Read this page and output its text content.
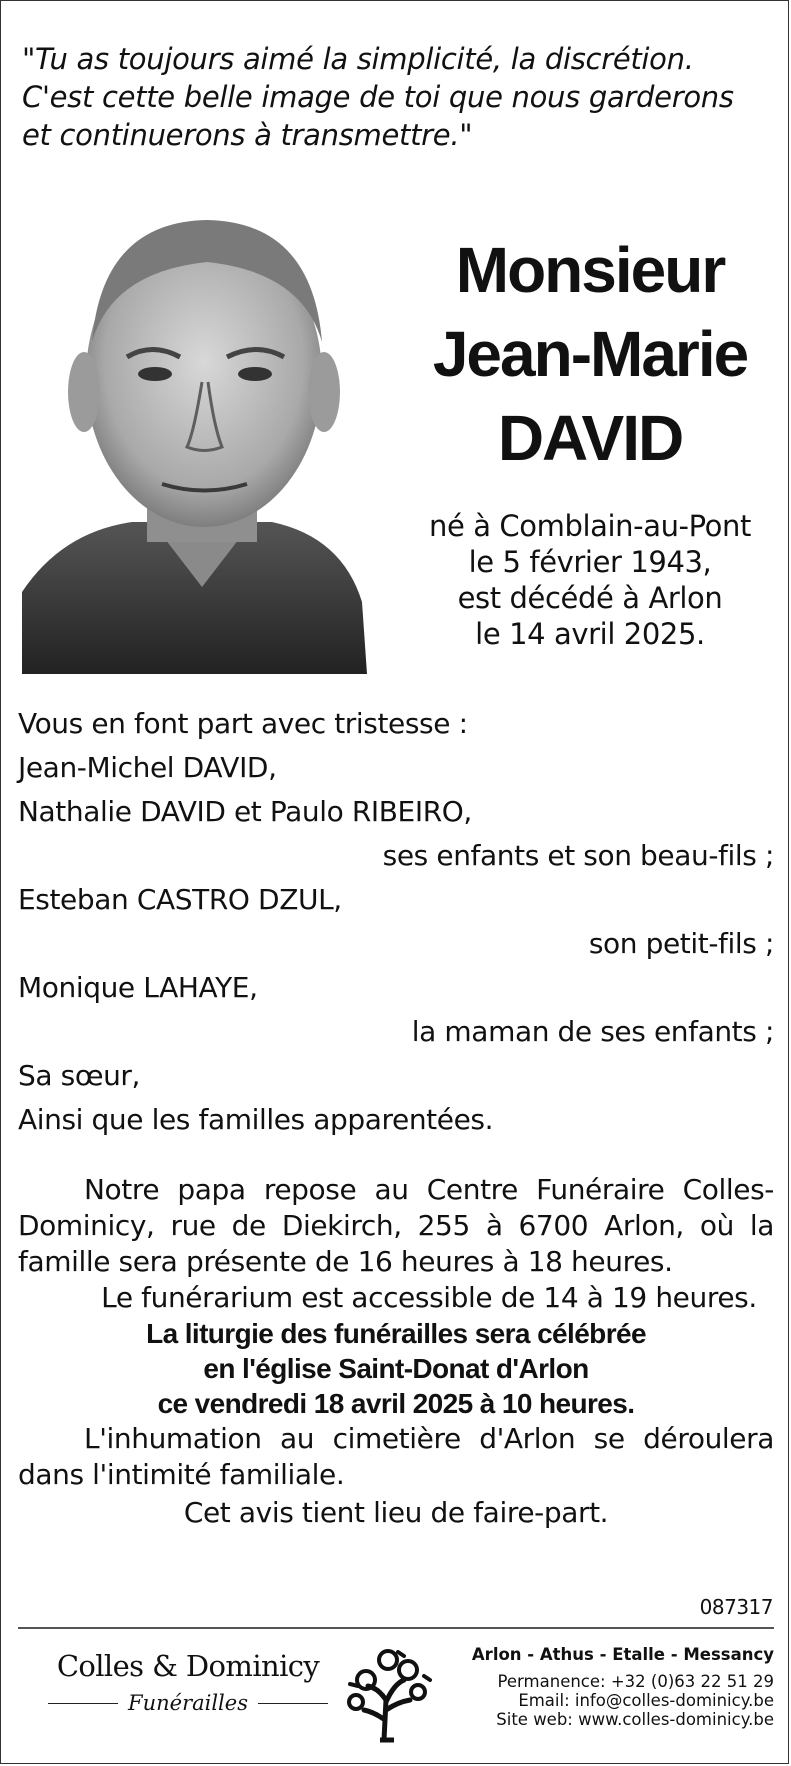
"Tu as toujours aimé la simplicité, la discrétion.
C'est cette belle image de toi que nous garderons
et continuerons à transmettre."
Monsieur
Jean-Marie
DAVID
né à Comblain-au-Pont
le 5 février 1943,
est décédé à Arlon
le 14 avril 2025.
Vous en font part avec tristesse :
Jean-Michel DAVID,
Nathalie DAVID et Paulo RIBEIRO,
ses enfants et son beau-fils ;
Esteban CASTRO DZUL,
son petit-fils ;
Monique LAHAYE,
la maman de ses enfants ;
Sa sœur,
Ainsi que les familles apparentées.

Notre papa repose au Centre Funéraire Colles-Dominicy, rue de Diekirch, 255 à 6700 Arlon, où la famille sera présente de 16 heures à 18 heures.

Le funérarium est accessible de 14 à 19 heures.

La liturgie des funérailles sera célébrée
en l'église Saint-Donat d'Arlon
ce vendredi 18 avril 2025 à 10 heures.

L'inhumation au cimetière d'Arlon se déroulera dans l'intimité familiale.

Cet avis tient lieu de faire-part.

087317
Colles & Dominicy
Funérailles
Arlon - Athus - Etalle - Messancy
Permanence: +32 (0)63 22 51 29
Email: info@colles-dominicy.be
Site web: www.colles-dominicy.be
